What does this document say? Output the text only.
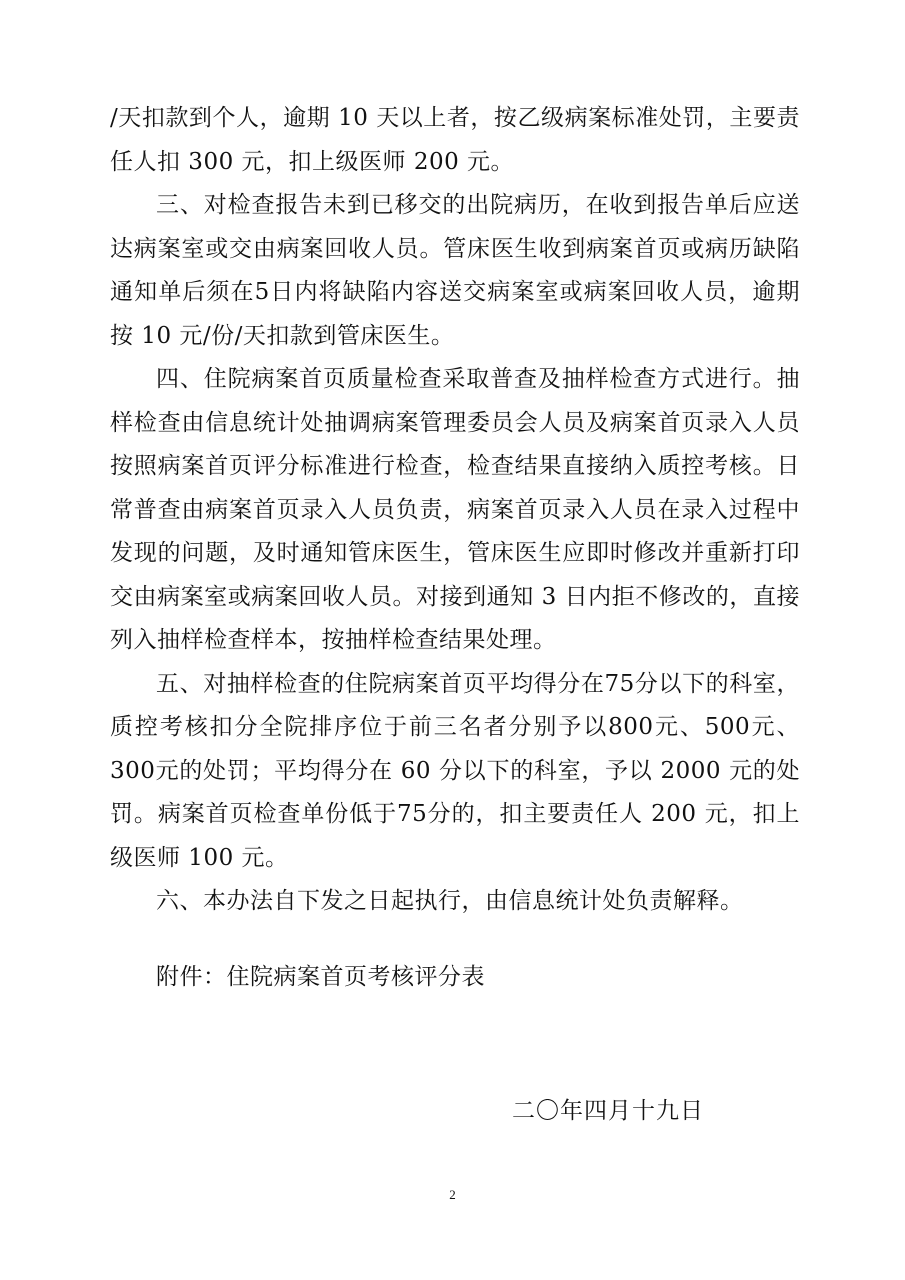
/天扣款到个人，逾期 10 天以上者，按乙级病案标准处罚，主要责任人扣 300 元，扣上级医师 200 元。

三、对检查报告未到已移交的出院病历，在收到报告单后应送达病案室或交由病案回收人员。管床医生收到病案首页或病历缺陷通知单后须在5日内将缺陷内容送交病案室或病案回收人员，逾期按 10 元/份/天扣款到管床医生。

四、住院病案首页质量检查采取普查及抽样检查方式进行。抽样检查由信息统计处抽调病案管理委员会人员及病案首页录入人员按照病案首页评分标准进行检查，检查结果直接纳入质控考核。日常普查由病案首页录入人员负责，病案首页录入人员在录入过程中发现的问题，及时通知管床医生，管床医生应即时修改并重新打印交由病案室或病案回收人员。对接到通知 3 日内拒不修改的，直接列入抽样检查样本，按抽样检查结果处理。

五、对抽样检查的住院病案首页平均得分在75分以下的科室，质控考核扣分全院排序位于前三名者分别予以800元、500元、300元的处罚；平均得分在 60 分以下的科室，予以 2000 元的处罚。病案首页检查单份低于75分的，扣主要责任人 200 元，扣上级医师 100 元。

六、本办法自下发之日起执行，由信息统计处负责解释。

附件：住院病案首页考核评分表
二〇年四月十九日
2
